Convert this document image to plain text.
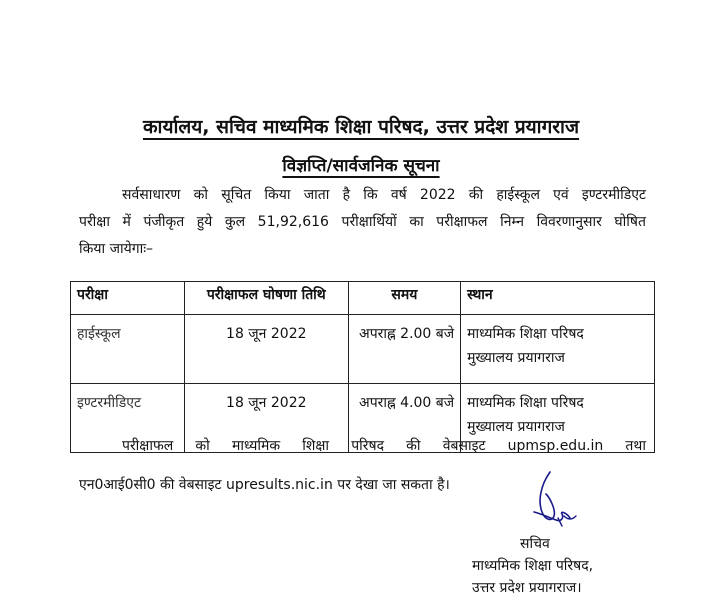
कार्यालय, सचिव माध्यमिक शिक्षा परिषद, उत्तर प्रदेश प्रयागराज
विज्ञप्ति/सार्वजनिक सूचना
सर्वसाधारण को सूचित किया जाता है कि वर्ष 2022 की हाईस्कूल एवं इण्टरमीडिएट
परीक्षा में पंजीकृत हुये कुल 51,92,616 परीक्षार्थियों का परीक्षाफल निम्न विवरणानुसार घोषित
किया जायेगाः–
परीक्षा	परीक्षाफल घोषणा तिथि	समय	स्थान
हाईस्कूल	18 जून 2022	अपराह्न 2.00 बजे	माध्यमिक शिक्षा परिषद
मुख्यालय प्रयागराज

इण्टरमीडिएट	18 जून 2022	अपराह्न 4.00 बजे	माध्यमिक शिक्षा परिषद
मुख्यालय प्रयागराज
परीक्षाफल को माध्यमिक शिक्षा परिषद की वेबसाइट upmsp.edu.in तथा
एन0आई0सी0 की वेबसाइट upresults.nic.in पर देखा जा सकता है।
सचिव
माध्यमिक शिक्षा परिषद,
उत्तर प्रदेश प्रयागराज।
